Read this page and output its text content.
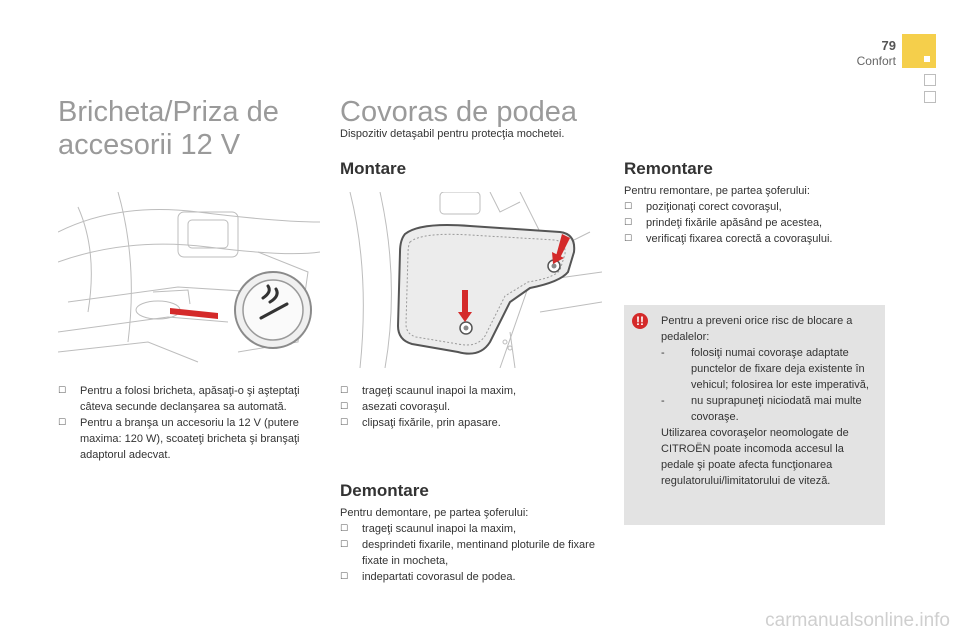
79
Confort
Bricheta/Priza de
accesorii 12 V
☐ Pentru a folosi bricheta, apăsaţi-o şi aşteptaţi câteva secunde declanşarea sa automată.
☐ Pentru a branşa un accesoriu la 12 V (putere maxima: 120 W), scoateţi bricheta şi branşaţi adaptorul adecvat.
Covoras de podea
Dispozitiv detaşabil pentru protecţia mochetei.
Montare
☐ trageţi scaunul inapoi la maxim,
☐ asezati covoraşul.
☐ clipsaţi fixările, prin apasare.
Demontare
Pentru demontare, pe partea şoferului:
☐ trageţi scaunul inapoi la maxim,
☐ desprindeti fixarile, mentinand ploturile de fixare fixate in mocheta,
☐ indepartati covorasul de podea.
Remontare
Pentru remontare, pe partea şoferului:
☐ poziţionaţi corect covoraşul,
☐ prindeţi fixările apăsând pe acestea,
☐ verificaţi fixarea corectă a covoraşului.
!!	Pentru a preveni orice risc de blocare a pedalelor:
- folosiţi numai covoraşe adaptate punctelor de fixare deja existente în vehicul; folosirea lor este imperativă,
- nu suprapuneţi niciodată mai multe covoraşe.
Utilizarea covoraşelor neomologate de CITROËN poate incomoda accesul la pedale şi poate afecta funcţionarea regulatorului/limitatorului de viteză.
carmanualsonline.info
